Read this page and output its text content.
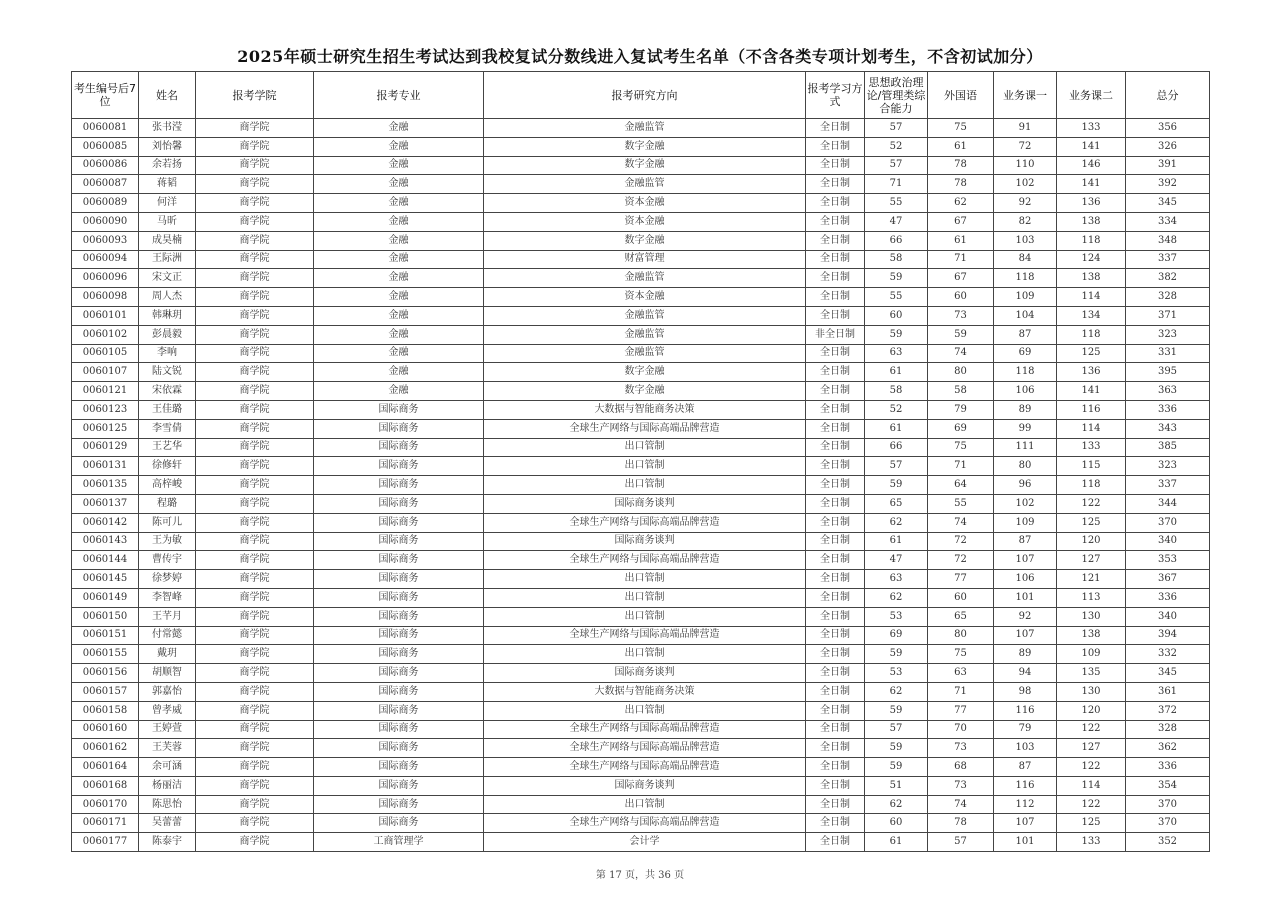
2025年硕士研究生招生考试达到我校复试分数线进入复试考生名单（不含各类专项计划考生，不含初试加分）
考生编号后7位	姓名	报考学院	报考专业	报考研究方向	报考学习方式	思想政治理论/管理类综合能力	外国语	业务课一	业务课二	总分
0060081	张书滢	商学院	金融	金融监管	全日制	57	75	91	133	356
0060085	刘怡馨	商学院	金融	数字金融	全日制	52	61	72	141	326
0060086	余若扬	商学院	金融	数字金融	全日制	57	78	110	146	391
0060087	蒋韬	商学院	金融	金融监管	全日制	71	78	102	141	392
0060089	何洋	商学院	金融	资本金融	全日制	55	62	92	136	345
0060090	马昕	商学院	金融	资本金融	全日制	47	67	82	138	334
0060093	成昊楠	商学院	金融	数字金融	全日制	66	61	103	118	348
0060094	王际洲	商学院	金融	财富管理	全日制	58	71	84	124	337
0060096	宋文正	商学院	金融	金融监管	全日制	59	67	118	138	382
0060098	周人杰	商学院	金融	资本金融	全日制	55	60	109	114	328
0060101	韩琳玥	商学院	金融	金融监管	全日制	60	73	104	134	371
0060102	彭晨毅	商学院	金融	金融监管	非全日制	59	59	87	118	323
0060105	李响	商学院	金融	金融监管	全日制	63	74	69	125	331
0060107	陆文锐	商学院	金融	数字金融	全日制	61	80	118	136	395
0060121	宋依霖	商学院	金融	数字金融	全日制	58	58	106	141	363
0060123	王佳璐	商学院	国际商务	大数据与智能商务决策	全日制	52	79	89	116	336
0060125	李雪倩	商学院	国际商务	全球生产网络与国际高端品牌营造	全日制	61	69	99	114	343
0060129	王艺华	商学院	国际商务	出口管制	全日制	66	75	111	133	385
0060131	徐修轩	商学院	国际商务	出口管制	全日制	57	71	80	115	323
0060135	高梓峻	商学院	国际商务	出口管制	全日制	59	64	96	118	337
0060137	程璐	商学院	国际商务	国际商务谈判	全日制	65	55	102	122	344
0060142	陈可儿	商学院	国际商务	全球生产网络与国际高端品牌营造	全日制	62	74	109	125	370
0060143	王为敏	商学院	国际商务	国际商务谈判	全日制	61	72	87	120	340
0060144	曹传宇	商学院	国际商务	全球生产网络与国际高端品牌营造	全日制	47	72	107	127	353
0060145	徐梦婷	商学院	国际商务	出口管制	全日制	63	77	106	121	367
0060149	李智峰	商学院	国际商务	出口管制	全日制	62	60	101	113	336
0060150	王芊月	商学院	国际商务	出口管制	全日制	53	65	92	130	340
0060151	付常懿	商学院	国际商务	全球生产网络与国际高端品牌营造	全日制	69	80	107	138	394
0060155	戴玥	商学院	国际商务	出口管制	全日制	59	75	89	109	332
0060156	胡顺智	商学院	国际商务	国际商务谈判	全日制	53	63	94	135	345
0060157	郭嘉怡	商学院	国际商务	大数据与智能商务决策	全日制	62	71	98	130	361
0060158	曾孝威	商学院	国际商务	出口管制	全日制	59	77	116	120	372
0060160	王婷萱	商学院	国际商务	全球生产网络与国际高端品牌营造	全日制	57	70	79	122	328
0060162	王芙蓉	商学院	国际商务	全球生产网络与国际高端品牌营造	全日制	59	73	103	127	362
0060164	余可涵	商学院	国际商务	全球生产网络与国际高端品牌营造	全日制	59	68	87	122	336
0060168	杨丽洁	商学院	国际商务	国际商务谈判	全日制	51	73	116	114	354
0060170	陈思怡	商学院	国际商务	出口管制	全日制	62	74	112	122	370
0060171	吴蕾蕾	商学院	国际商务	全球生产网络与国际高端品牌营造	全日制	60	78	107	125	370
0060177	陈泰宇	商学院	工商管理学	会计学	全日制	61	57	101	133	352
第 17 页，共 36 页
